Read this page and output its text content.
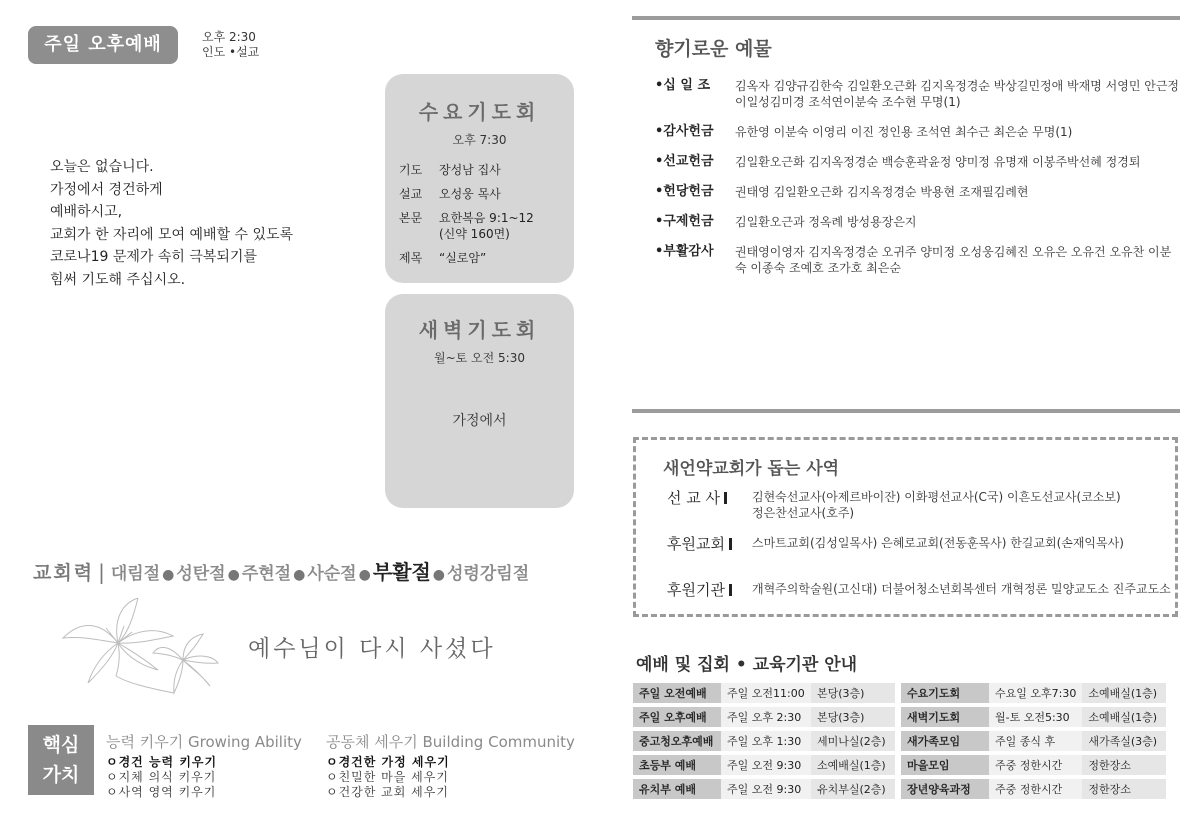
주일 오후예배	오후 2:30
인도 •설교
오늘은 없습니다.
가정에서 경건하게
예배하시고,
교회가 한 자리에 모여 예배할 수 있도록
코로나19 문제가 속히 극복되기를
힘써 기도해 주십시오.
수요기도회
오후 7:30
기도	장성남 집사
설교	오성웅 목사
본문	요한복음 9:1~12
(신약 160면)
제목	“실로암”
새벽기도회
월~토 오전 5:30
가정에서
교회력 | 대림절 ● 성탄절 ● 주현절 ● 사순절 ● 부활절 ● 성령강림절
예수님이 다시 사셨다
핵심
가치
능력 키우기 Growing Ability
ㅇ경건 능력 키우기
ㅇ지체 의식 키우기
ㅇ사역 영역 키우기
공동체 세우기 Building Community
ㅇ경건한 가정 세우기
ㅇ친밀한 마을 세우기
ㅇ건강한 교회 세우기
향기로운 예물
•십 일 조	김옥자 김양규김한숙 김일환오근화 김지옥정경순 박상길민정애 박재명 서영민 안근정 이일성김미경 조석연이분숙 조수현 무명(1)
•감사헌금	유한영 이분숙 이영리 이진 정인용 조석연 최수근 최은순 무명(1)
•선교헌금	김일환오근화 김지옥정경순 백승훈곽윤정 양미정 유명재 이봉주박선혜 정경퇴
•헌당헌금	권태영 김일환오근화 김지옥정경순 박용현 조재필김례현
•구제헌금	김일환오근과 정옥례 방성용장은지
•부활감사	권태영이영자 김지옥정경순 오귀주 양미정 오성웅김혜진 오유은 오유건 오유찬 이분숙 이종숙 조예호 조가호 최은순
새언약교회가 돕는 사역
선 교 사	김현숙선교사(아제르바이잔) 이화평선교사(C국) 이흔도선교사(코소보)
정은찬선교사(호주)
후원교회	스마트교회(김성일목사) 은혜로교회(전동훈목사) 한길교회(손재익목사)
후원기관	개혁주의학술원(고신대) 더불어청소년회복센터 개혁정론 밀양교도소 진주교도소
예배 및 집회 • 교육기관 안내
주일 오전예배	주일 오전11:00	본당(3층)		수요기도회	수요일 오후7:30	소예배실(1층)
주일 오후예배	주일 오후 2:30	본당(3층)		새벽기도회	월-토 오전5:30	소예배실(1층)
중고청오후예배	주일 오후 1:30	세미나실(2층)		새가족모임	주일 종식 후	새가족실(3층)
초등부 예배	주일 오전 9:30	소예배실(1층)		마을모임	주중 정한시간	정한장소
유치부 예배	주일 오전 9:30	유치부실(2층)		장년양육과정	주중 정한시간	정한장소
